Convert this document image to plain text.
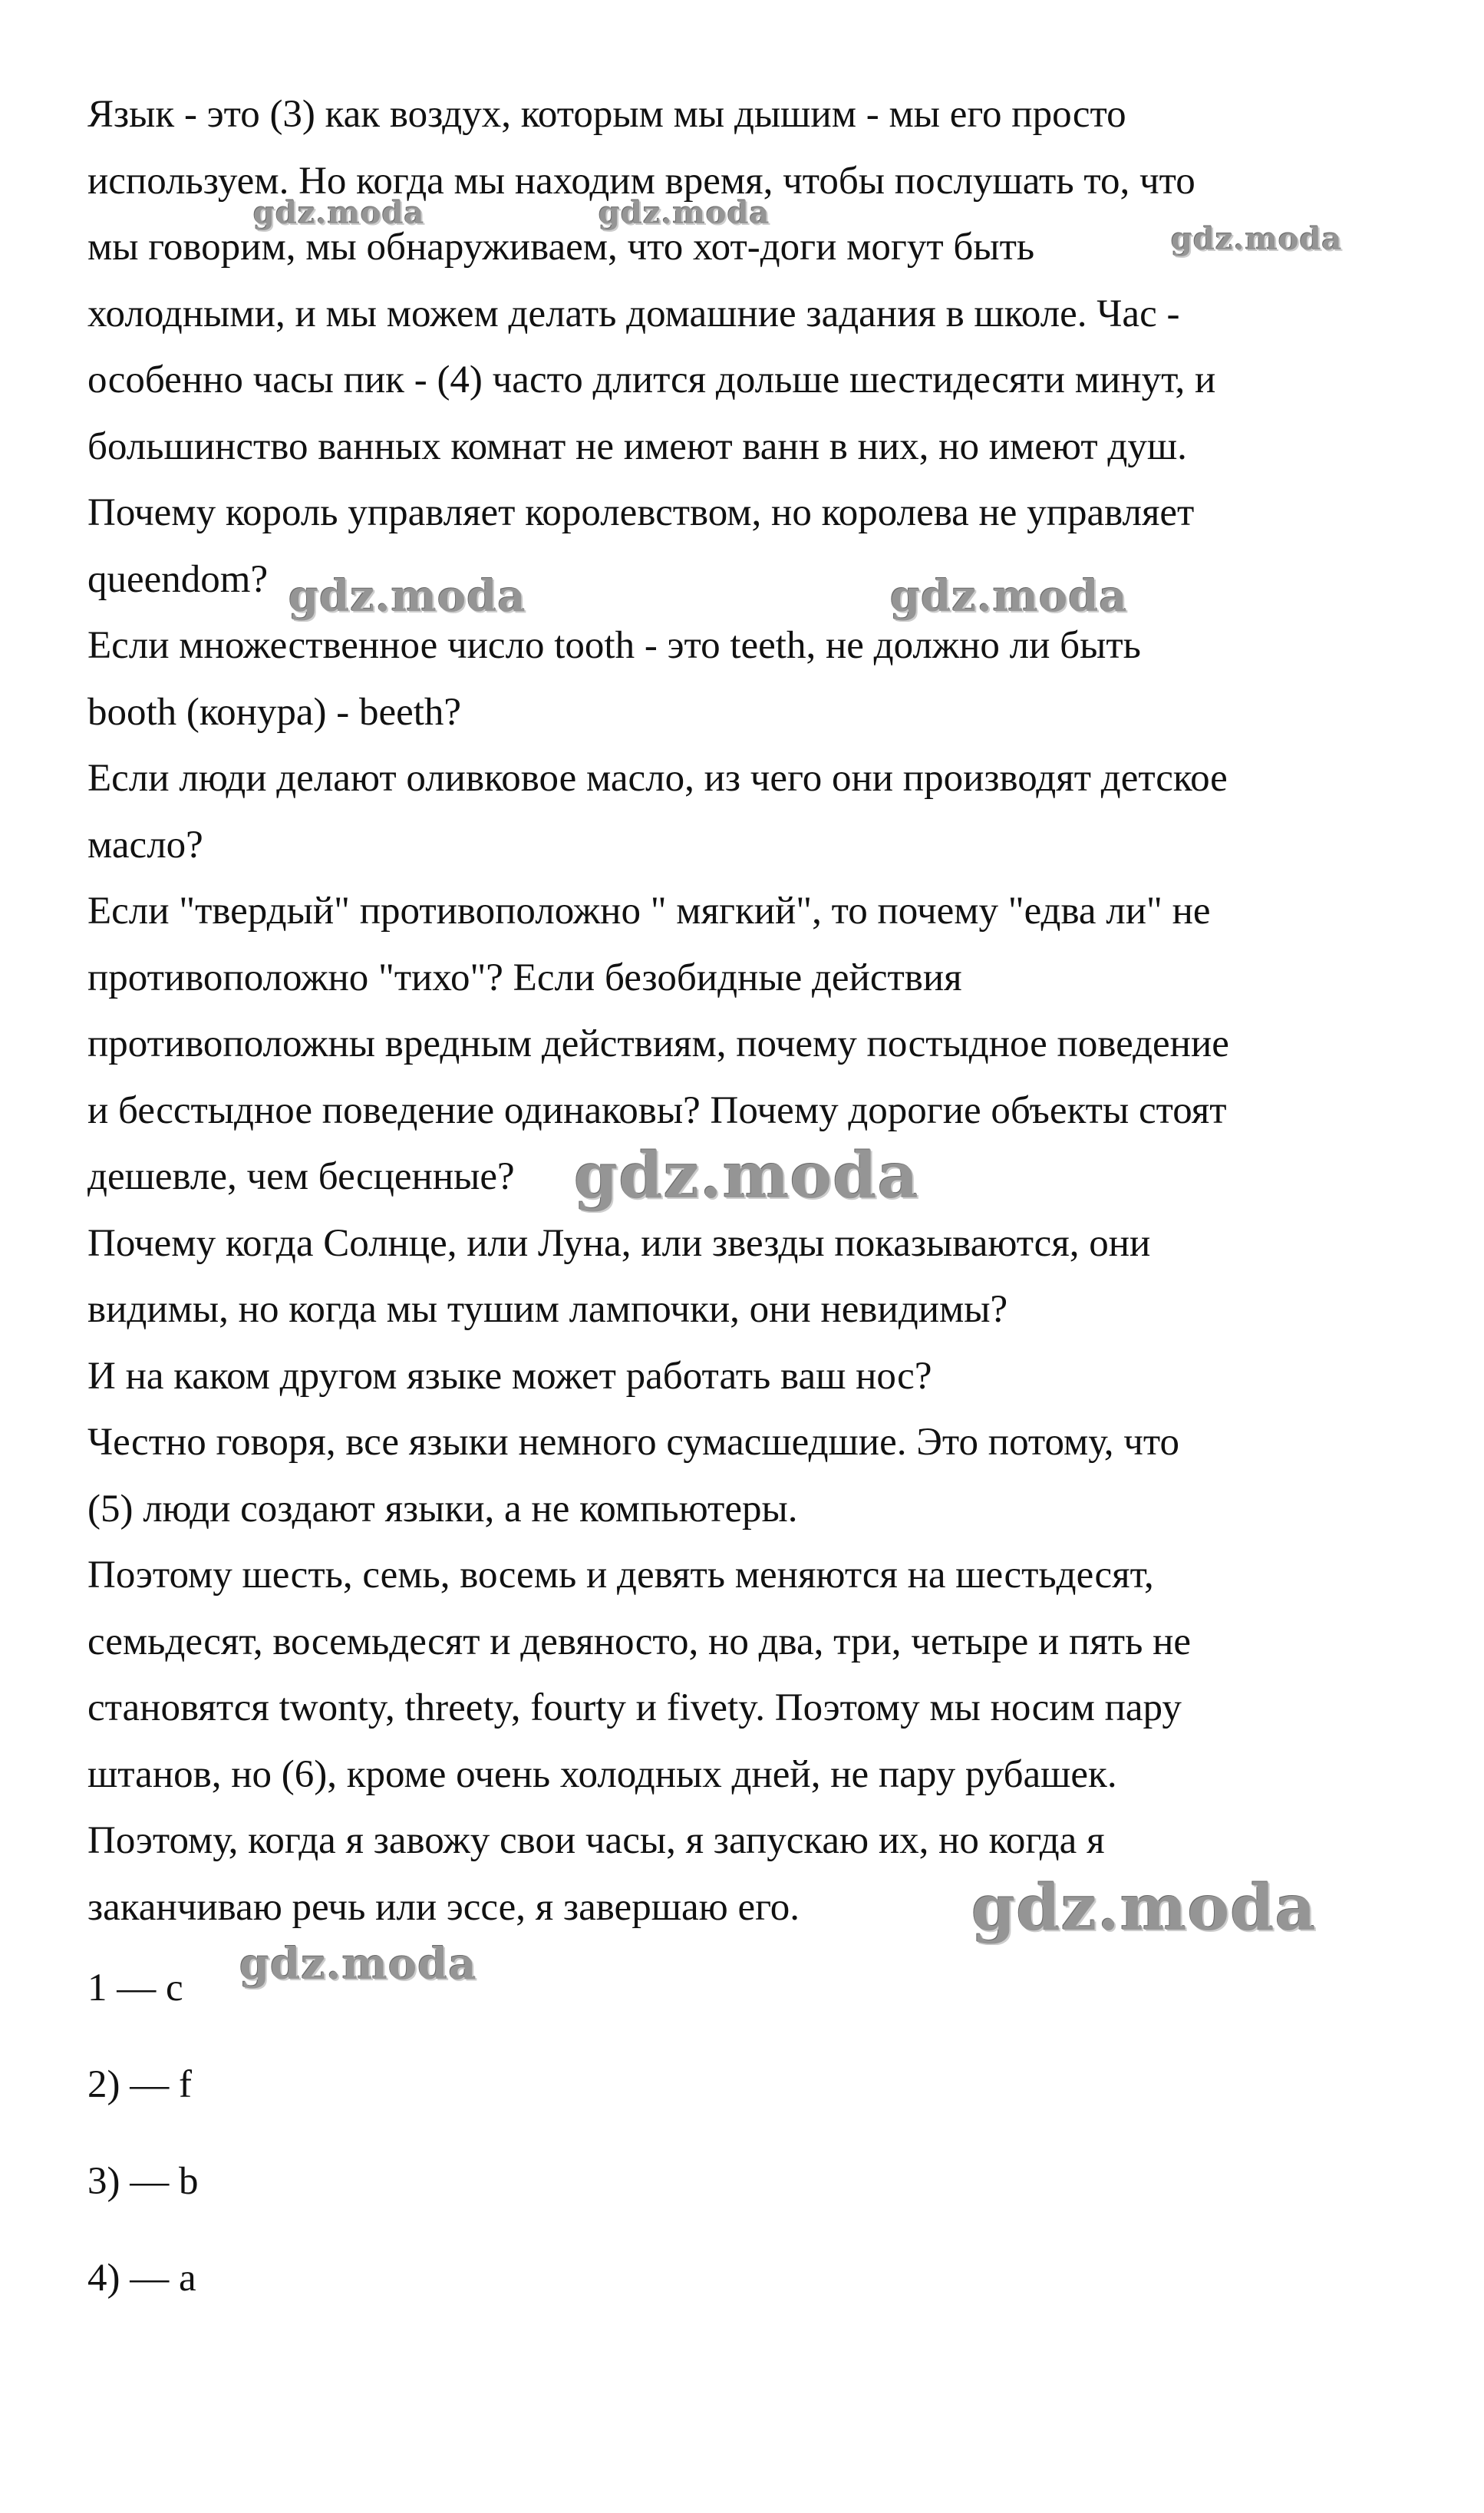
Язык - это (3) как воздух, которым мы дышим - мы его просто
используем. Но когда мы находим время, чтобы послушать то, что
мы говорим, мы обнаруживаем, что хот-доги могут быть
холодными, и мы можем делать домашние задания в школе. Час -
особенно часы пик - (4) часто длится дольше шестидесяти минут, и
большинство ванных комнат не имеют ванн в них, но имеют душ.
Почему король управляет королевством, но королева не управляет
queendom?
Если множественное число tooth - это teeth, не должно ли быть
booth (конура) - beeth?
Если люди делают оливковое масло, из чего они производят детское
масло?
Если "твердый" противоположно " мягкий", то почему "едва ли" не
противоположно "тихо"? Если безобидные действия
противоположны вредным действиям, почему постыдное поведение
и бесстыдное поведение одинаковы? Почему дорогие объекты стоят
дешевле, чем бесценные?
Почему когда Солнце, или Луна, или звезды показываются, они
видимы, но когда мы тушим лампочки, они невидимы?
И на каком другом языке может работать ваш нос?
Честно говоря, все языки немного сумасшедшие. Это потому, что
(5) люди создают языки, а не компьютеры.
Поэтому шесть, семь, восемь и девять меняются на шестьдесят,
семьдесят, восемьдесят и девяносто, но два, три, четыре и пять не
становятся twonty, threety, fourty и fivety. Поэтому мы носим пару
штанов, но (6), кроме очень холодных дней, не пару рубашек.
Поэтому, когда я завожу свои часы, я запускаю их, но когда я
заканчиваю речь или эссе, я завершаю его.
1 — c
2) — f
3) — b
4) — a
gdz.moda	gdz.moda
gdz.moda
gdz.moda	gdz.moda
gdz.moda
gdz.moda
gdz.moda
